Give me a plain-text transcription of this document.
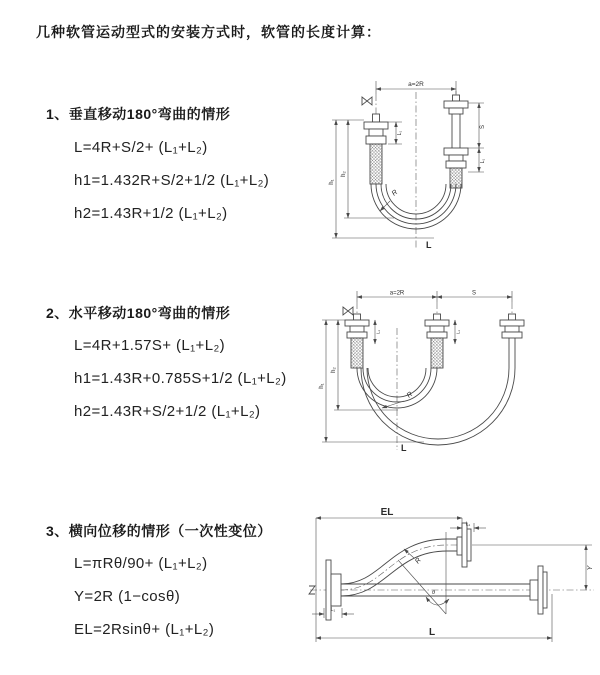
几种软管运动型式的安装方式时，软管的长度计算：
1、垂直移动180°弯曲的情形
L=4R+S/2+ (L₁+L₂)
h1=1.432R+S/2+1/2 (L₁+L₂)
h2=1.43R+1/2 (L₁+L₂)
2、水平移动180°弯曲的情形
L=4R+1.57S+ (L₁+L₂)
h1=1.43R+0.785S+1/2 (L₁+L₂)
h2=1.43R+S/2+1/2 (L₁+L₂)
3、横向位移的情形（一次性变位）
L=πRθ/90+ (L₁+L₂)
Y=2R (1−cosθ)
EL=2Rsinθ+ (L₁+L₂)
a=2R
S
L₁
L₁
h₁
h₂
R
L
a=2R	S
L₁	L₁
h₁
h₂
R
L
EL
L₁
Y
θ
R
L₁
L
